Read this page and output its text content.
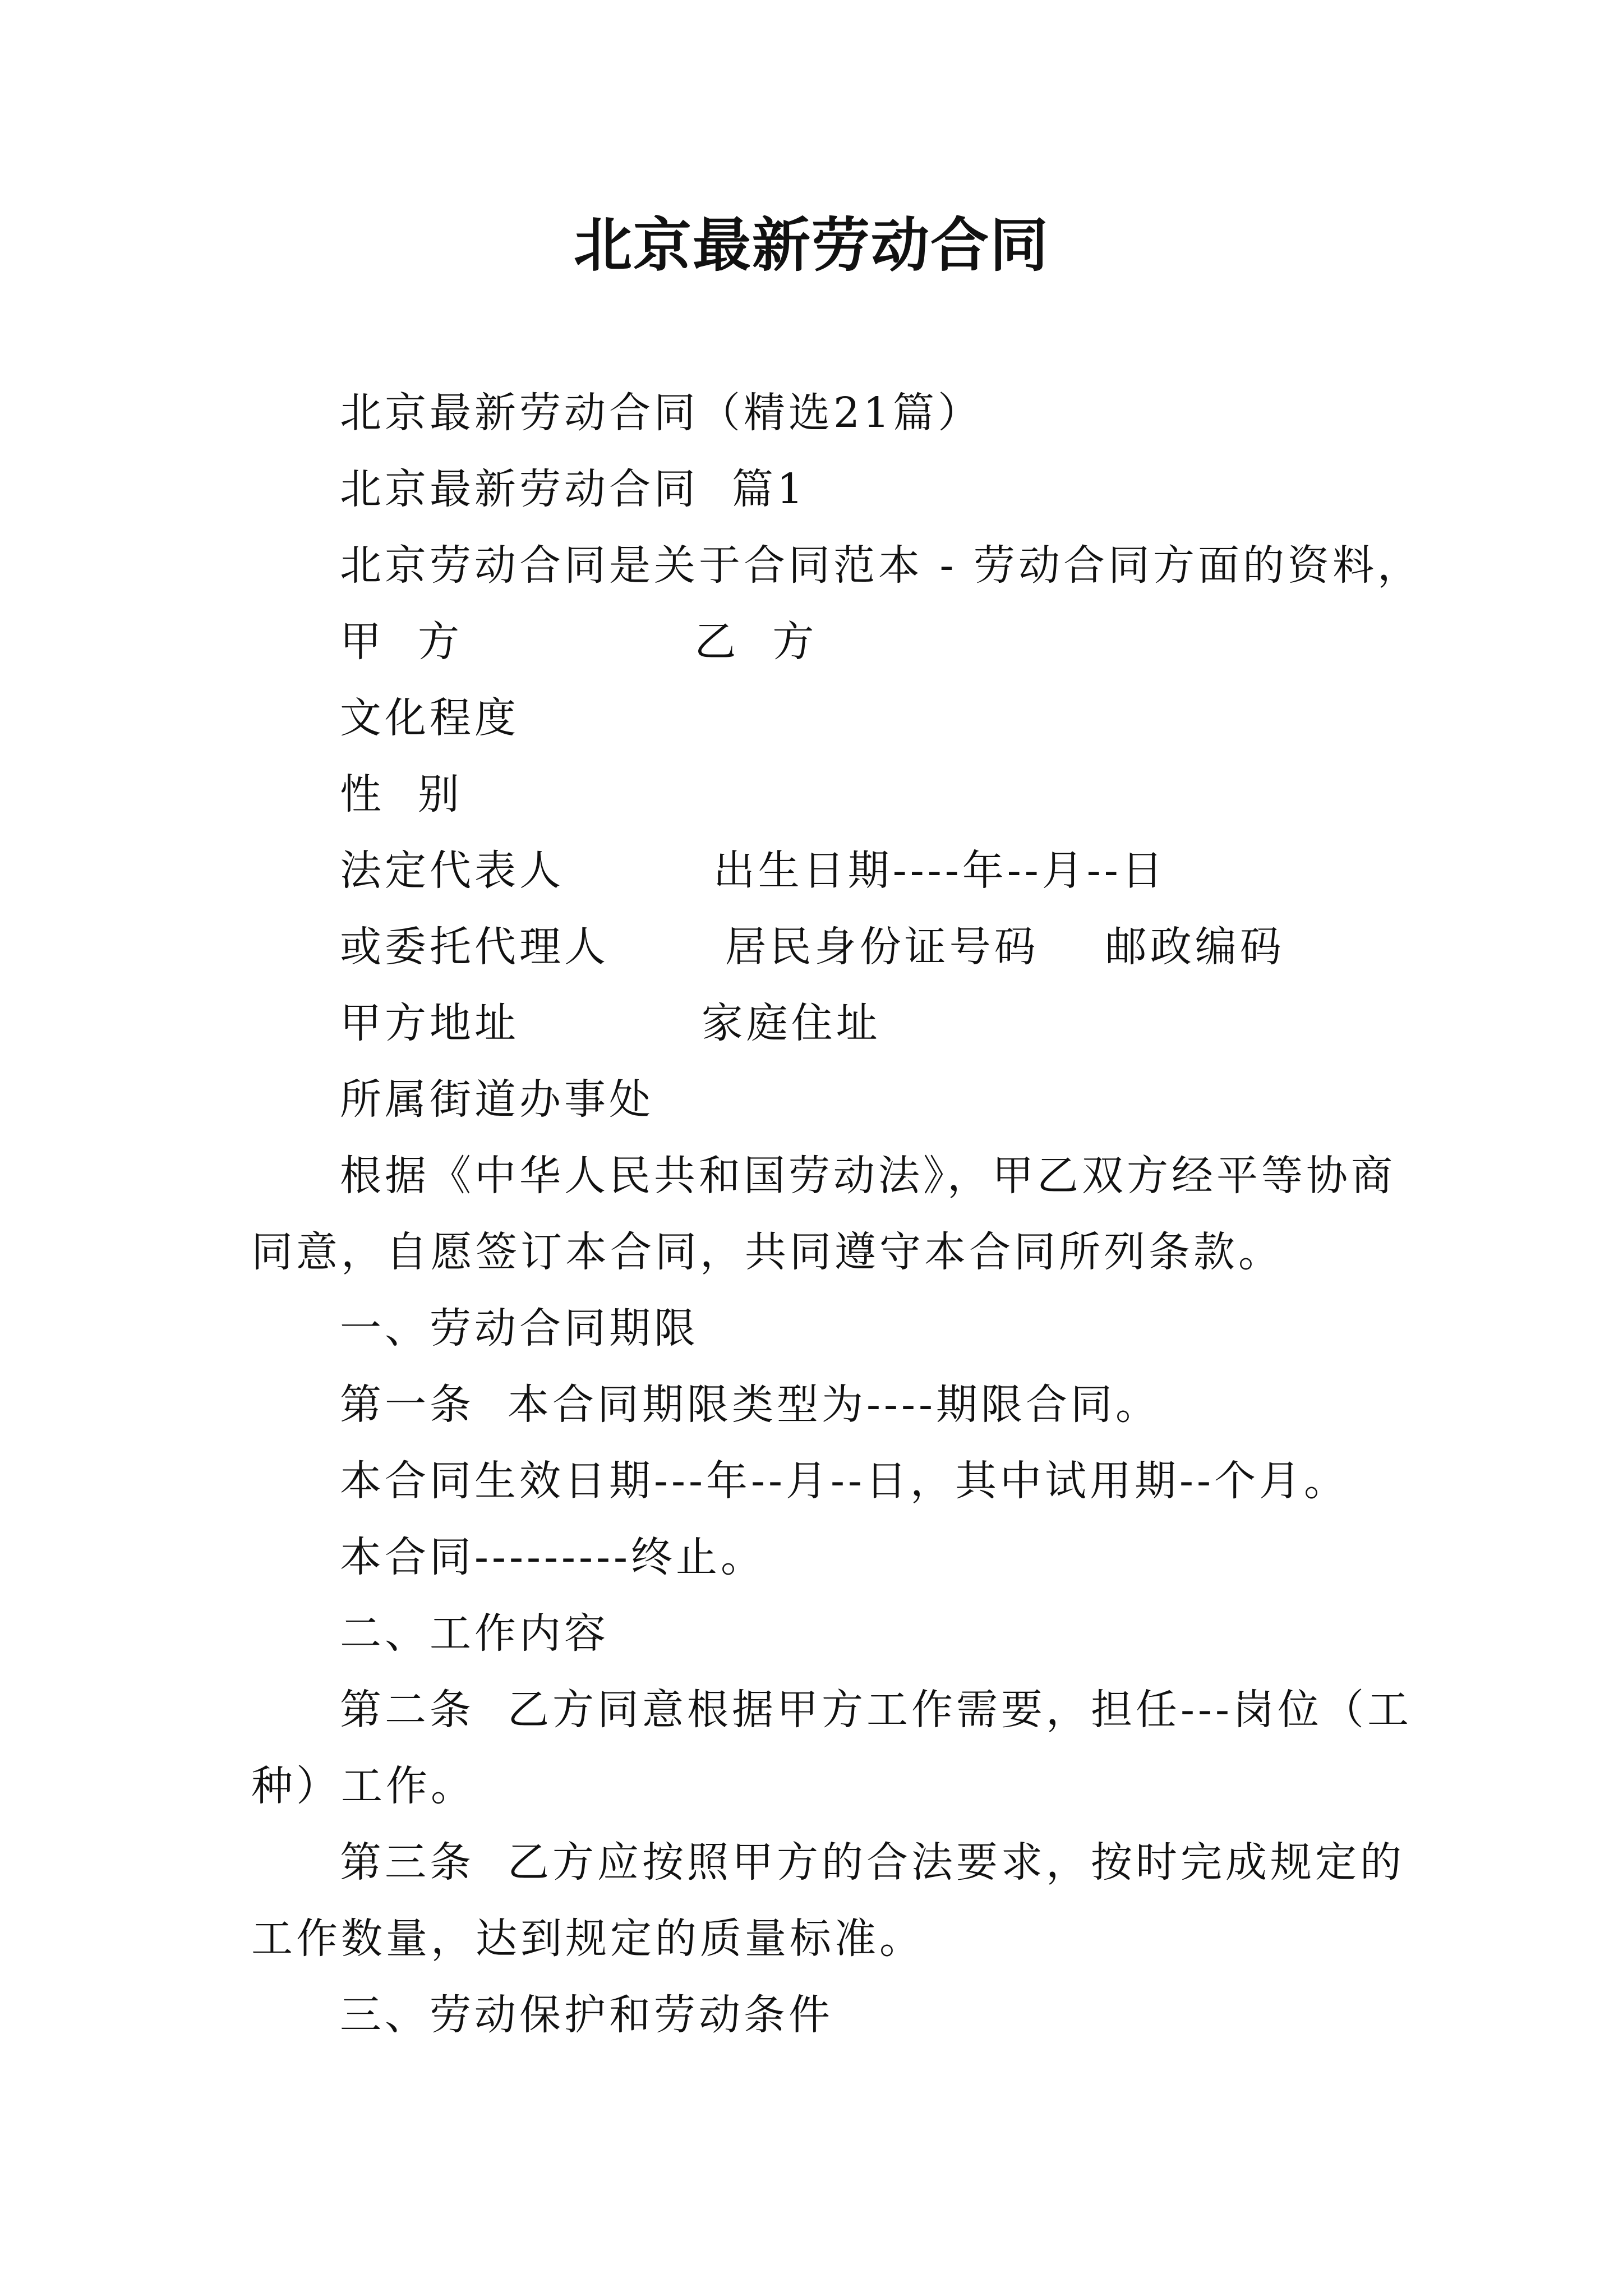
北京最新劳动合同
北京最新劳动合同（精选21篇）
北京最新劳动合同  篇1
北京劳动合同是关于合同范本 - 劳动合同方面的资料，
甲  方              乙  方
文化程度
性  别
法定代表人         出生日期----年--月--日
或委托代理人       居民身份证号码    邮政编码
甲方地址           家庭住址
所属街道办事处
根据《中华人民共和国劳动法》，甲乙双方经平等协商
同意，自愿签订本合同，共同遵守本合同所列条款。
一、劳动合同期限
第一条  本合同期限类型为----期限合同。
本合同生效日期---年--月--日，其中试用期--个月。
本合同---------终止。
二、工作内容
第二条  乙方同意根据甲方工作需要，担任---岗位（工
种）工作。
第三条  乙方应按照甲方的合法要求，按时完成规定的
工作数量，达到规定的质量标准。
三、劳动保护和劳动条件
